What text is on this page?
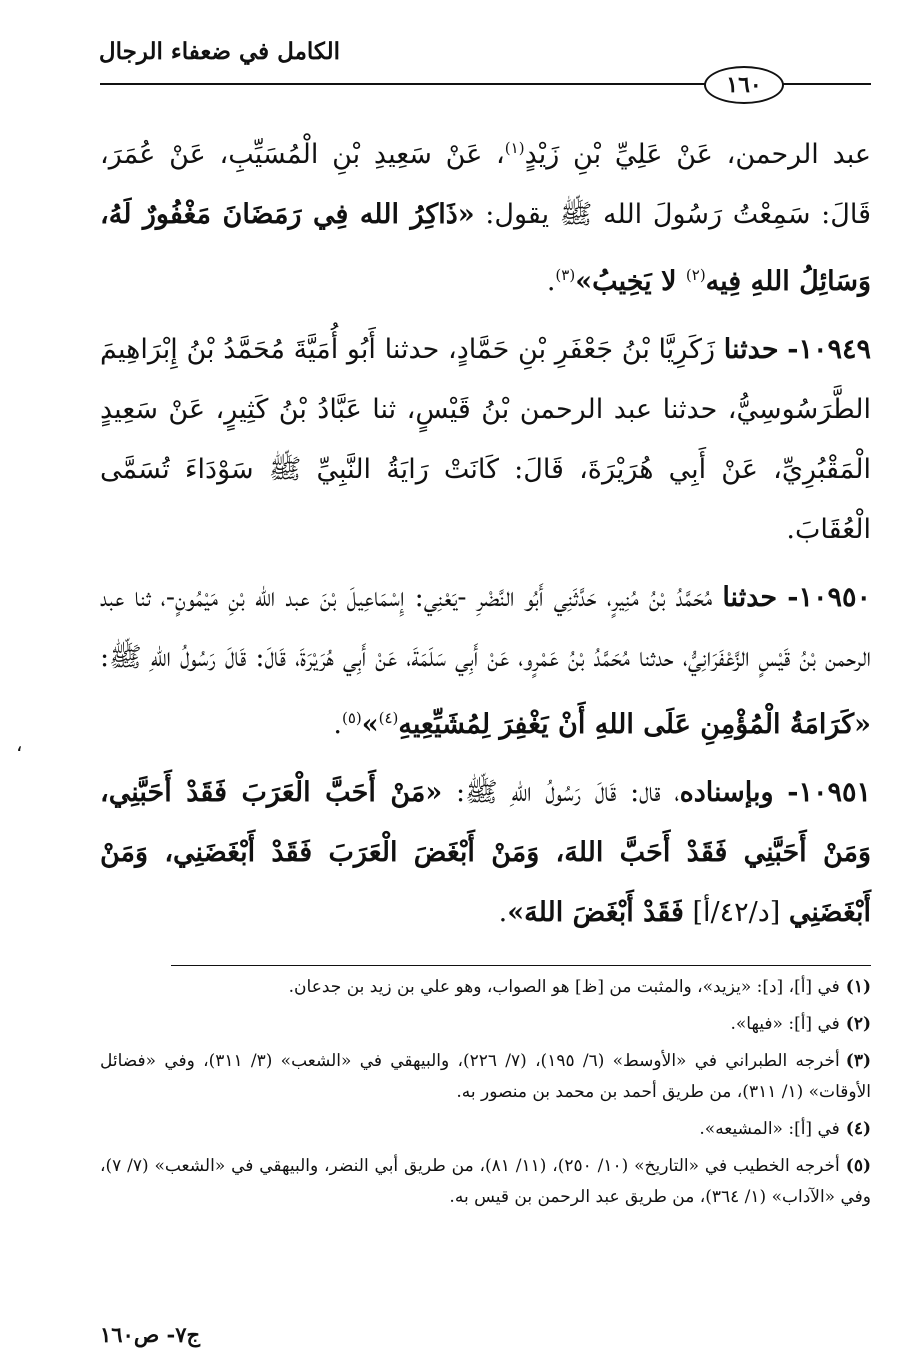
الكامل في ضعفاء الرجال
١٦٠

عبد الرحمن، عَنْ عَلِيِّ بْنِ زَيْدٍ$^{(١)}$، عَنْ سَعِيدِ بْنِ الْمُسَيِّبِ، عَنْ عُمَرَ، قَالَ: سَمِعْتُ رَسُولَ الله ﷺ يقول: «ذَاكِرُ الله فِي رَمَضَانَ مَغْفُورٌ لَهُ، وَسَائِلُ اللهِ فِيه$^{(٢)}$ لا يَخِيبُ»$^{(٣)}$.

١٠٩٤٩- حدثنا زَكَرِيَّا بْنُ جَعْفَرِ بْنِ حَمَّادٍ، حدثنا أَبُو أُمَيَّةَ مُحَمَّدُ بْنُ إِبْرَاهِيمَ الطَّرَسُوسِيُّ، حدثنا عبد الرحمن بْنُ قَيْسٍ، ثنا عَبَّادُ بْنُ كَثِيرٍ، عَنْ سَعِيدٍ الْمَقْبُرِيِّ، عَنْ أَبِي هُرَيْرَةَ، قَالَ: كَانَتْ رَايَةُ النَّبِيِّ ﷺ سَوْدَاءَ تُسَمَّى الْعُقَابَ.

١٠٩٥٠- حدثنا مُحَمَّدُ بْنُ مُنِيرٍ، حَدَّثَنِي أَبُو النَّضْرِ -يَعْنِي: إِسْمَاعِيلَ بْنَ عبد الله بْنِ مَيْمُونٍ-، ثنا عبد الرحمن بْنُ قَيْسٍ الزَّعْفَرَانِيُّ، حدثنا مُحَمَّدُ بْنُ عَمْرٍو، عَنْ أَبِي سَلَمَةَ، عَنْ أَبِي هُرَيْرَةَ، قَالَ: قَالَ رَسُولُ اللهِ ﷺ: «كَرَامَةُ الْمُؤْمِنِ عَلَى اللهِ أَنْ يَغْفِرَ لِمُشَيِّعِيهِ$^{(٤)}$»$^{(٥)}$.

١٠٩٥١- وبإسناده، قال: قَالَ رَسُولُ اللهِ ﷺ: «مَنْ أَحَبَّ الْعَرَبَ فَقَدْ أَحَبَّنِي، وَمَنْ أَحَبَّنِي فَقَدْ أَحَبَّ اللهَ، وَمَنْ أَبْغَضَ الْعَرَبَ فَقَدْ أَبْغَضَنِي، وَمَنْ أَبْغَضَنِي [د/٤٢/أ] فَقَدْ أَبْغَضَ اللهَ».

(١)في [أ]، [د]: «يزيد»، والمثبت من [ظ] هو الصواب، وهو علي بن زيد بن جدعان.

(٢)في [أ]: «فيها».

(٣)أخرجه الطبراني في «الأوسط» (٦/ ١٩٥)، (٧/ ٢٢٦)، والبيهقي في «الشعب» (٣/ ٣١١)، وفي «فضائل الأوقات» (١/ ٣١١)، من طريق أحمد بن محمد بن منصور به.

(٤)في [أ]: «المشيعه».

(٥)أخرجه الخطيب في «التاريخ» (١٠/ ٢٥٠)، (١١/ ٨١)، من طريق أبي النضر، والبيهقي في «الشعب» (٧/ ٧)، وفي «الآداب» (١/ ٣٦٤)، من طريق عبد الرحمن بن قيس به.

،
ج٧- ص١٦٠
